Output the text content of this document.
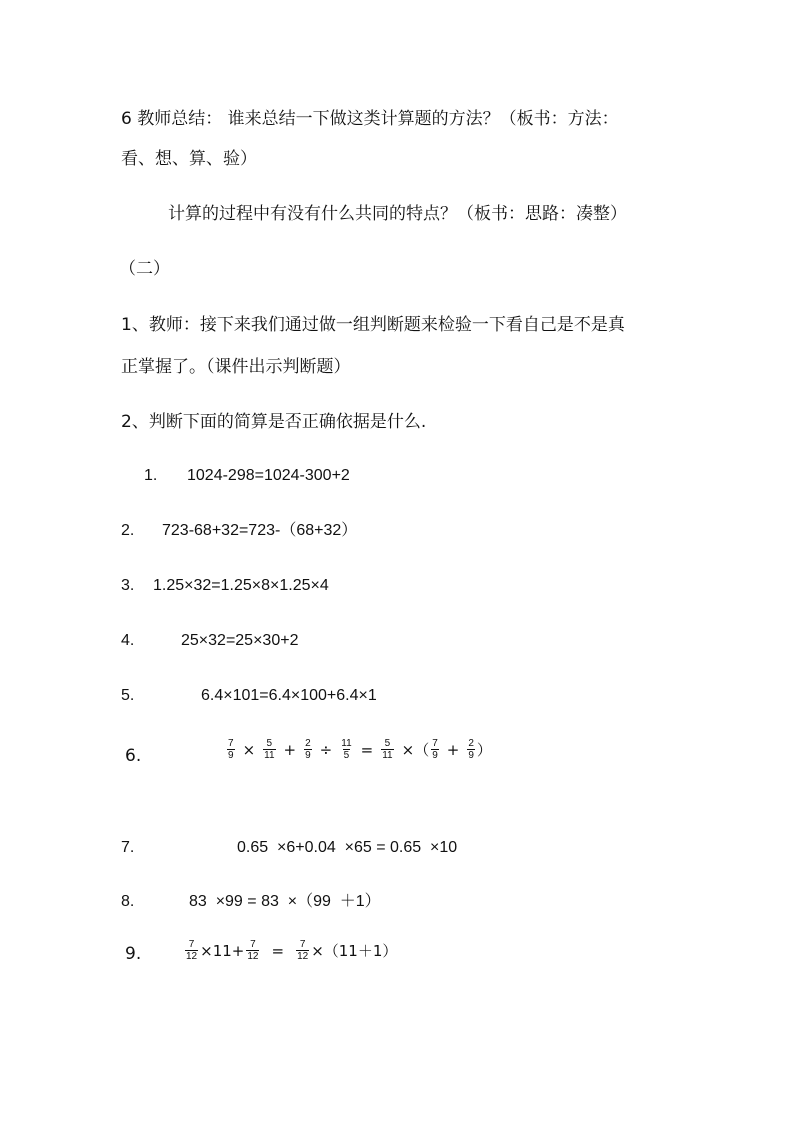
6 教师总结： 谁来总结一下做这类计算题的方法？（板书：方法：
看、想、算、验）
计算的过程中有没有什么共同的特点？（板书：思路：凑整）
（二）
1、教师：接下来我们通过做一组判断题来检验一下看自己是不是真
正掌握了。（课件出示判断题）
2、判断下面的简算是否正确依据是什么.
1. 1024-298=1024-300+2
2. 723-68+32=723-（68+32）
3. 1.25×32=1.25×8×1.25×4
4.	25×32=25×30+2
5.	6.4×101=6.4×100+6.4×1
6.	$\frac{7}{9} \times \frac{5}{11} + \frac{2}{9} \div \frac{11}{5} = \frac{5}{11}$ × （ $\frac{7}{9} + \frac{2}{9}$ ）
7.	0.65  ×6+0.04  ×65 = 0.65  ×10
8.	83  ×99 = 83  ×（99  ＋1）
9.	$\frac{7}{12} \times 11+ \frac{7}{12} = \frac{7}{12} \times(11+1)$
